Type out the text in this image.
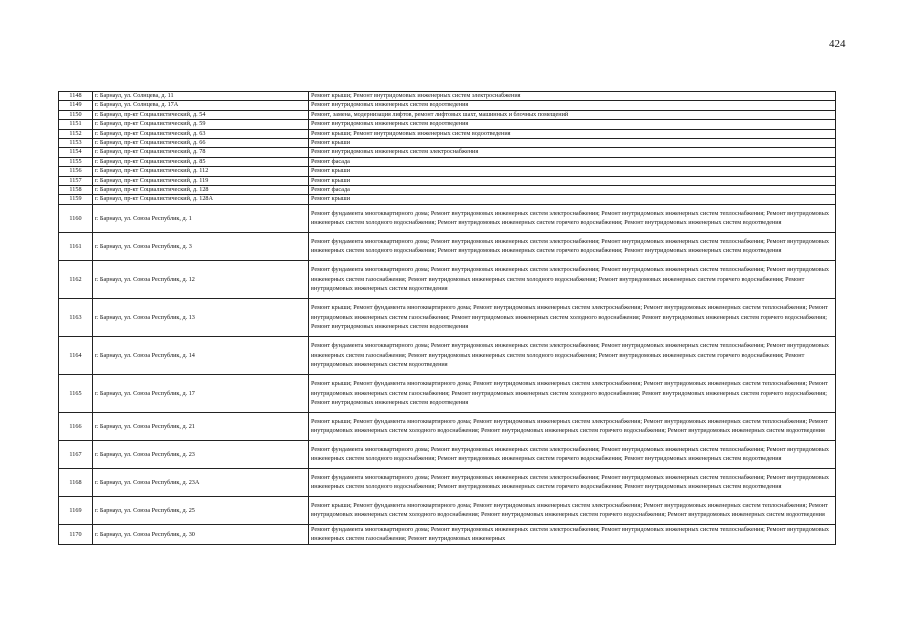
424
1148	г. Барнаул, ул. Солнцева, д. 11	Ремонт крыши; Ремонт внутридомовых инженерных систем электроснабжения
1149	г. Барнаул, ул. Солнцева, д. 17А	Ремонт внутридомовых инженерных систем водоотведения
1150	г. Барнаул, пр-кт Социалистический, д. 54	Ремонт, замена, модернизация лифтов, ремонт лифтовых шахт, машинных и блочных помещений
1151	г. Барнаул, пр-кт Социалистический, д. 59	Ремонт внутридомовых инженерных систем водоотведения
1152	г. Барнаул, пр-кт Социалистический, д. 63	Ремонт крыши; Ремонт внутридомовых инженерных систем водоотведения
1153	г. Барнаул, пр-кт Социалистический, д. 66	Ремонт крыши
1154	г. Барнаул, пр-кт Социалистический, д. 78	Ремонт внутридомовых инженерных систем электроснабжения
1155	г. Барнаул, пр-кт Социалистический, д. 85	Ремонт фасада
1156	г. Барнаул, пр-кт Социалистический, д. 112	Ремонт крыши
1157	г. Барнаул, пр-кт Социалистический, д. 119	Ремонт крыши
1158	г. Барнаул, пр-кт Социалистический, д. 128	Ремонт фасада
1159	г. Барнаул, пр-кт Социалистический, д. 128А	Ремонт крыши
1160	г. Барнаул, ул. Союза Республик, д. 1	Ремонт фундамента многоквартирного дома; Ремонт внутридомовых инженерных систем электроснабжения; Ремонт внутридомовых инженерных систем теплоснабжения; Ремонт внутридомовых инженерных систем холодного водоснабжения; Ремонт внутридомовых инженерных систем горячего водоснабжения; Ремонт внутридомовых инженерных систем водоотведения
1161	г. Барнаул, ул. Союза Республик, д. 3	Ремонт фундамента многоквартирного дома; Ремонт внутридомовых инженерных систем электроснабжения; Ремонт внутридомовых инженерных систем теплоснабжения; Ремонт внутридомовых инженерных систем холодного водоснабжения; Ремонт внутридомовых инженерных систем горячего водоснабжения; Ремонт внутридомовых инженерных систем водоотведения
1162	г. Барнаул, ул. Союза Республик, д. 12	Ремонт фундамента многоквартирного дома; Ремонт внутридомовых инженерных систем электроснабжения; Ремонт внутридомовых инженерных систем теплоснабжения; Ремонт внутридомовых инженерных систем газоснабжения; Ремонт внутридомовых инженерных систем холодного водоснабжения; Ремонт внутридомовых инженерных систем горячего водоснабжения; Ремонт внутридомовых инженерных систем водоотведения
1163	г. Барнаул, ул. Союза Республик, д. 13	Ремонт крыши; Ремонт фундамента многоквартирного дома; Ремонт внутридомовых инженерных систем электроснабжения; Ремонт внутридомовых инженерных систем теплоснабжения; Ремонт внутридомовых инженерных систем газоснабжения; Ремонт внутридомовых инженерных систем холодного водоснабжения; Ремонт внутридомовых инженерных систем горячего водоснабжения; Ремонт внутридомовых инженерных систем водоотведения
1164	г. Барнаул, ул. Союза Республик, д. 14	Ремонт фундамента многоквартирного дома; Ремонт внутридомовых инженерных систем электроснабжения; Ремонт внутридомовых инженерных систем теплоснабжения; Ремонт внутридомовых инженерных систем газоснабжения; Ремонт внутридомовых инженерных систем холодного водоснабжения; Ремонт внутридомовых инженерных систем горячего водоснабжения; Ремонт внутридомовых инженерных систем водоотведения
1165	г. Барнаул, ул. Союза Республик, д. 17	Ремонт крыши; Ремонт фундамента многоквартирного дома; Ремонт внутридомовых инженерных систем электроснабжения; Ремонт внутридомовых инженерных систем теплоснабжения; Ремонт внутридомовых инженерных систем газоснабжения; Ремонт внутридомовых инженерных систем холодного водоснабжения; Ремонт внутридомовых инженерных систем горячего водоснабжения; Ремонт внутридомовых инженерных систем водоотведения
1166	г. Барнаул, ул. Союза Республик, д. 21	Ремонт крыши; Ремонт фундамента многоквартирного дома; Ремонт внутридомовых инженерных систем электроснабжения; Ремонт внутридомовых инженерных систем теплоснабжения; Ремонт внутридомовых инженерных систем холодного водоснабжения; Ремонт внутридомовых инженерных систем горячего водоснабжения; Ремонт внутридомовых инженерных систем водоотведения
1167	г. Барнаул, ул. Союза Республик, д. 23	Ремонт фундамента многоквартирного дома; Ремонт внутридомовых инженерных систем электроснабжения; Ремонт внутридомовых инженерных систем теплоснабжения; Ремонт внутридомовых инженерных систем холодного водоснабжения; Ремонт внутридомовых инженерных систем горячего водоснабжения; Ремонт внутридомовых инженерных систем водоотведения
1168	г. Барнаул, ул. Союза Республик, д. 23А	Ремонт фундамента многоквартирного дома; Ремонт внутридомовых инженерных систем электроснабжения; Ремонт внутридомовых инженерных систем теплоснабжения; Ремонт внутридомовых инженерных систем холодного водоснабжения; Ремонт внутридомовых инженерных систем горячего водоснабжения; Ремонт внутридомовых инженерных систем водоотведения
1169	г. Барнаул, ул. Союза Республик, д. 25	Ремонт крыши; Ремонт фундамента многоквартирного дома; Ремонт внутридомовых инженерных систем электроснабжения; Ремонт внутридомовых инженерных систем теплоснабжения; Ремонт внутридомовых инженерных систем холодного водоснабжения; Ремонт внутридомовых инженерных систем горячего водоснабжения; Ремонт внутридомовых инженерных систем водоотведения
1170	г. Барнаул, ул. Союза Республик, д. 30	Ремонт фундамента многоквартирного дома; Ремонт внутридомовых инженерных систем электроснабжения; Ремонт внутридомовых инженерных систем теплоснабжения; Ремонт внутридомовых инженерных систем газоснабжения; Ремонт внутридомовых инженерных
